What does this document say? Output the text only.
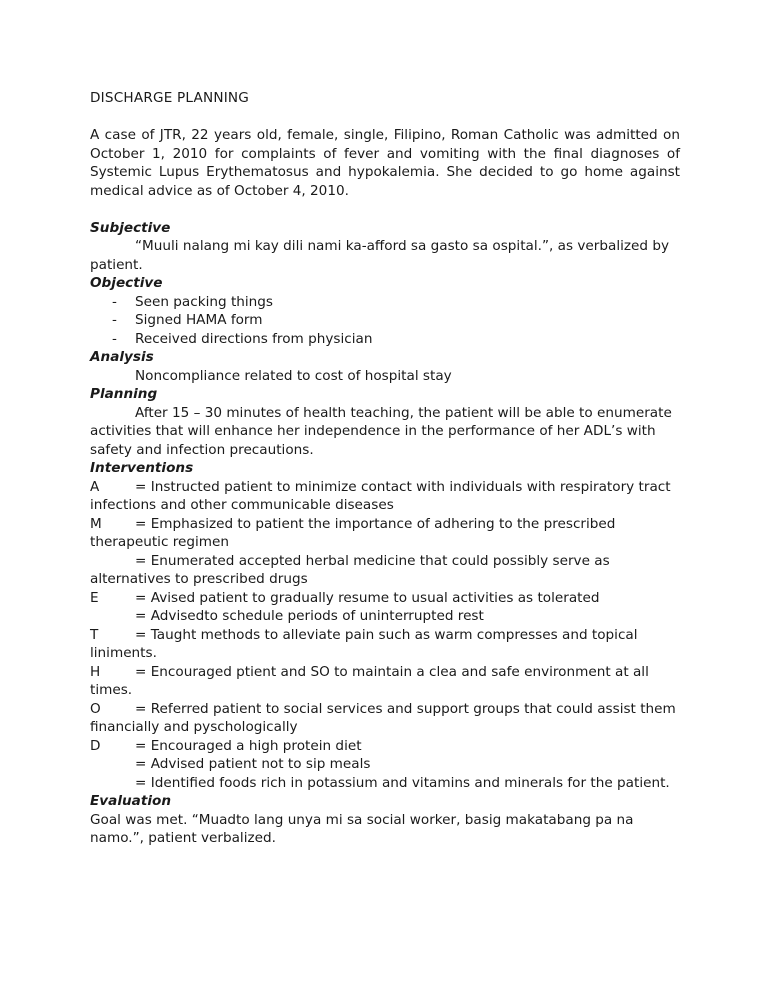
DISCHARGE PLANNING
A case of JTR, 22 years old, female, single, Filipino, Roman Catholic was admitted on October 1, 2010 for complaints of fever and vomiting with the final diagnoses of Systemic Lupus Erythematosus and hypokalemia. She decided to go home against medical advice as of October 4, 2010.
Subjective
“Muuli nalang mi kay dili nami ka-afford sa gasto sa ospital.”, as verbalized by patient.
Objective
- Seen packing things
- Signed HAMA form
- Received directions from physician
Analysis
Noncompliance related to cost of hospital stay
Planning
After 15 – 30 minutes of health teaching, the patient will be able to enumerate activities that will enhance her independence in the performance of her ADL’s with safety and infection precautions.
Interventions
A	= Instructed patient to minimize contact with individuals with respiratory tract infections and other communicable diseases
M	= Emphasized to patient the importance of adhering to the prescribed therapeutic regimen
= Enumerated accepted herbal medicine that could possibly serve as alternatives to prescribed drugs
E	= Avised patient to gradually resume to usual activities as tolerated
= Advisedto schedule periods of uninterrupted rest
T	= Taught methods to alleviate pain such as warm compresses and topical liniments.
H	= Encouraged ptient and SO to maintain a clea and safe environment at all times.
O	= Referred patient to social services and support groups that could assist them financially and pyschologically
D	= Encouraged a high protein diet
= Advised patient not to sip meals
= Identified foods rich in potassium and vitamins and minerals for the patient.
Evaluation
Goal was met. “Muadto lang unya mi sa social worker, basig makatabang pa na namo.”, patient verbalized.
